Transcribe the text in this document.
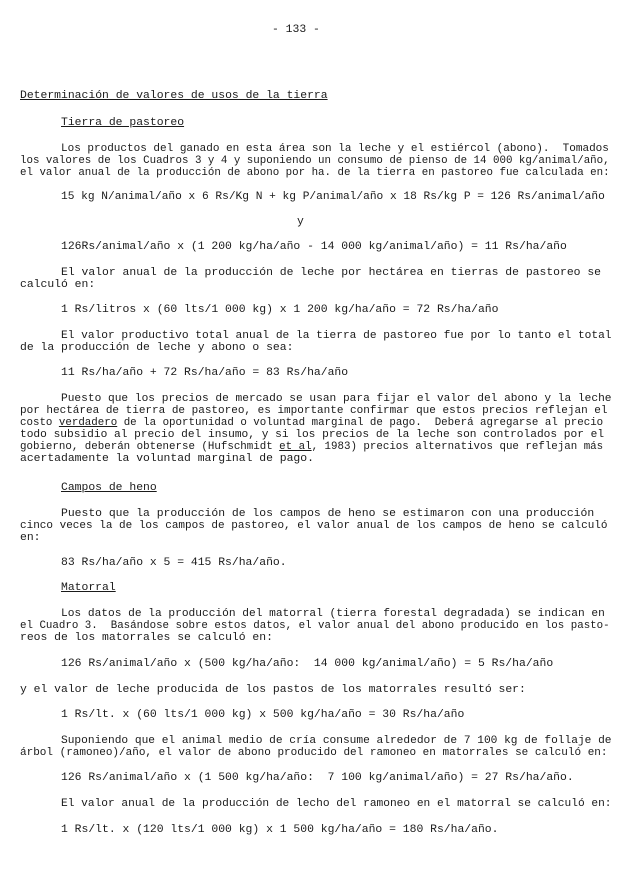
- 133 -
Determinación de valores de usos de la tierra
Tierra de pastoreo
Los productos del ganado en esta área son la leche y el estiércol (abono).  Tomados
los valores de los Cuadros 3 y 4 y suponiendo un consumo de pienso de 14 000 kg/animal/año,
el valor anual de la producción de abono por ha. de la tierra en pastoreo fue calculada en:
15 kg N/animal/año x 6 Rs/Kg N + kg P/animal/año x 18 Rs/kg P = 126 Rs/animal/año
y
126Rs/animal/año x (1 200 kg/ha/año - 14 000 kg/animal/año) = 11 Rs/ha/año
El valor anual de la producción de leche por hectárea en tierras de pastoreo se
calculó en:
1 Rs/litros x (60 lts/1 000 kg) x 1 200 kg/ha/año = 72 Rs/ha/año
El valor productivo total anual de la tierra de pastoreo fue por lo tanto el total
de la producción de leche y abono o sea:
11 Rs/ha/año + 72 Rs/ha/año = 83 Rs/ha/año
Puesto que los precios de mercado se usan para fijar el valor del abono y la leche
por hectárea de tierra de pastoreo, es importante confirmar que estos precios reflejan el
costo verdadero de la oportunidad o voluntad marginal de pago.  Deberá agregarse al precio
todo subsidio al precio del insumo, y si los precios de la leche son controlados por el
gobierno, deberán obtenerse (Hufschmidt et al, 1983) precios alternativos que reflejan más
acertadamente la voluntad marginal de pago.
Campos de heno
Puesto que la producción de los campos de heno se estimaron con una producción
cinco veces la de los campos de pastoreo, el valor anual de los campos de heno se calculó
en:
83 Rs/ha/año x 5 = 415 Rs/ha/año.
Matorral
Los datos de la producción del matorral (tierra forestal degradada) se indican en
el Cuadro 3.  Basándose sobre estos datos, el valor anual del abono producido en los pasto-
reos de los matorrales se calculó en:
126 Rs/animal/año x (500 kg/ha/año:  14 000 kg/animal/año) = 5 Rs/ha/año
y el valor de leche producida de los pastos de los matorrales resultó ser:
1 Rs/lt. x (60 lts/1 000 kg) x 500 kg/ha/año = 30 Rs/ha/año
Suponiendo que el animal medio de cría consume alrededor de 7 100 kg de follaje de
árbol (ramoneo)/año, el valor de abono producido del ramoneo en matorrales se calculó en:
126 Rs/animal/año x (1 500 kg/ha/año:  7 100 kg/animal/año) = 27 Rs/ha/año.
El valor anual de la producción de lecho del ramoneo en el matorral se calculó en:
1 Rs/lt. x (120 lts/1 000 kg) x 1 500 kg/ha/año = 180 Rs/ha/año.
